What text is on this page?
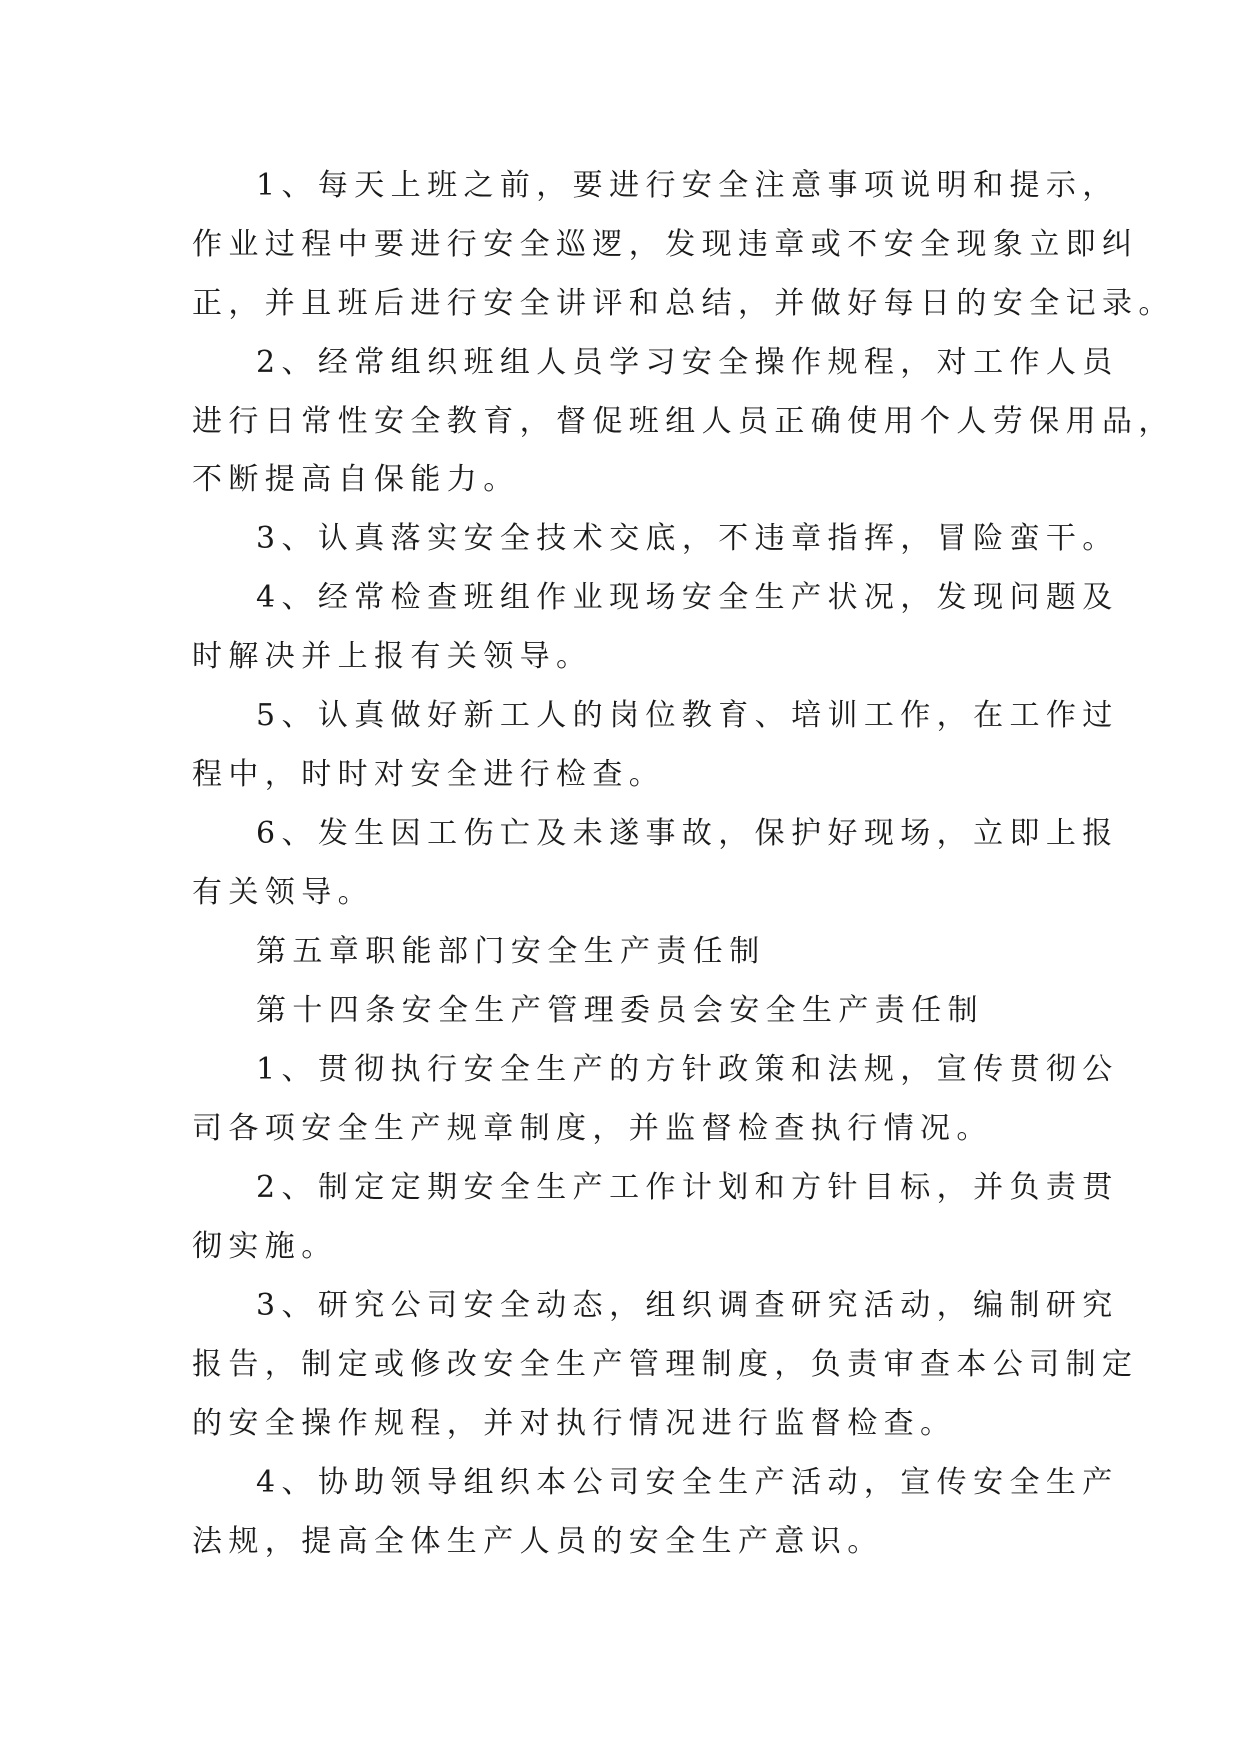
1、每天上班之前，要进行安全注意事项说明和提示，
作业过程中要进行安全巡逻，发现违章或不安全现象立即纠
正，并且班后进行安全讲评和总结，并做好每日的安全记录。
2、经常组织班组人员学习安全操作规程，对工作人员
进行日常性安全教育，督促班组人员正确使用个人劳保用品，
不断提高自保能力。
3、认真落实安全技术交底，不违章指挥，冒险蛮干。
4、经常检查班组作业现场安全生产状况，发现问题及
时解决并上报有关领导。
5、认真做好新工人的岗位教育、培训工作，在工作过
程中，时时对安全进行检查。
6、发生因工伤亡及未遂事故，保护好现场，立即上报
有关领导。
第五章职能部门安全生产责任制
第十四条安全生产管理委员会安全生产责任制
1、贯彻执行安全生产的方针政策和法规，宣传贯彻公
司各项安全生产规章制度，并监督检查执行情况。
2、制定定期安全生产工作计划和方针目标，并负责贯
彻实施。
3、研究公司安全动态，组织调查研究活动，编制研究
报告，制定或修改安全生产管理制度，负责审查本公司制定
的安全操作规程，并对执行情况进行监督检查。
4、协助领导组织本公司安全生产活动，宣传安全生产
法规，提高全体生产人员的安全生产意识。
